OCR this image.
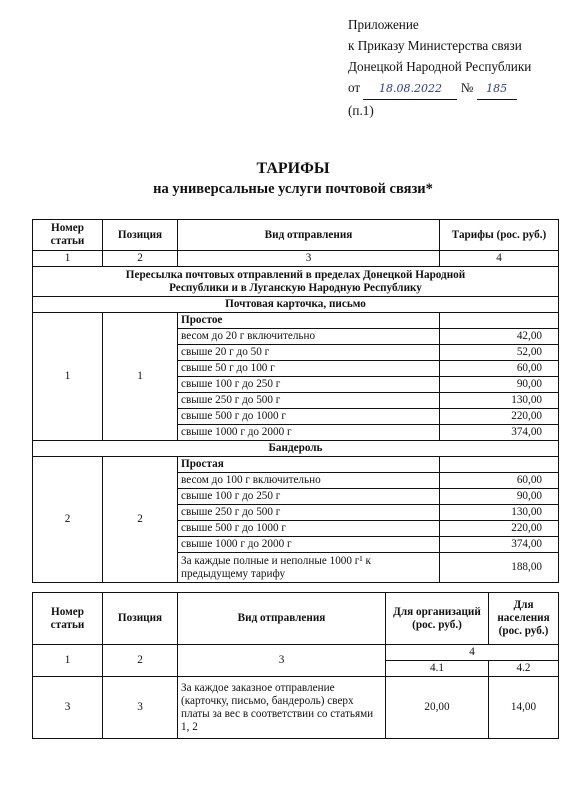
Приложение
к Приказу Министерства связи
Донецкой Народной Республики
от 18.08.2022 № 185
(п.1)
ТАРИФЫ
на универсальные услуги почтовой связи*
Номер статьи	Позиция	Вид отправления	Тарифы (рос. руб.)
1	2	3	4
Пересылка почтовых отправлений в пределах Донецкой Народной Республики и в Луганскую Народную Республику			
Почтовая карточка, письмо			
1	1	Простое	
		весом до 20 г включительно	42,00
		свыше 20 г до 50 г	52,00
		свыше 50 г до 100 г	60,00
		свыше 100 г до 250 г	90,00
		свыше 250 г до 500 г	130,00
		свыше 500 г до 1000 г	220,00
		свыше 1000 г до 2000 г	374,00
Бандероль			
2	2	Простая	
		весом до 100 г включительно	60,00
		свыше 100 г до 250 г	90,00
		свыше 250 г до 500 г	130,00
		свыше 500 г до 1000 г	220,00
		свыше 1000 г до 2000 г	374,00
		За каждые полные и неполные 1000 г¹ к предыдущему тарифу	188,00
Номер статьи	Позиция	Вид отправления	Для организаций (рос. руб.)	Для населения (рос. руб.)
1	2	3	4	
			4.1	4.2
3	3	За каждое заказное отправление (карточку, письмо, бандероль) сверх платы за вес в соответствии со статьями 1, 2	20,00	14,00
